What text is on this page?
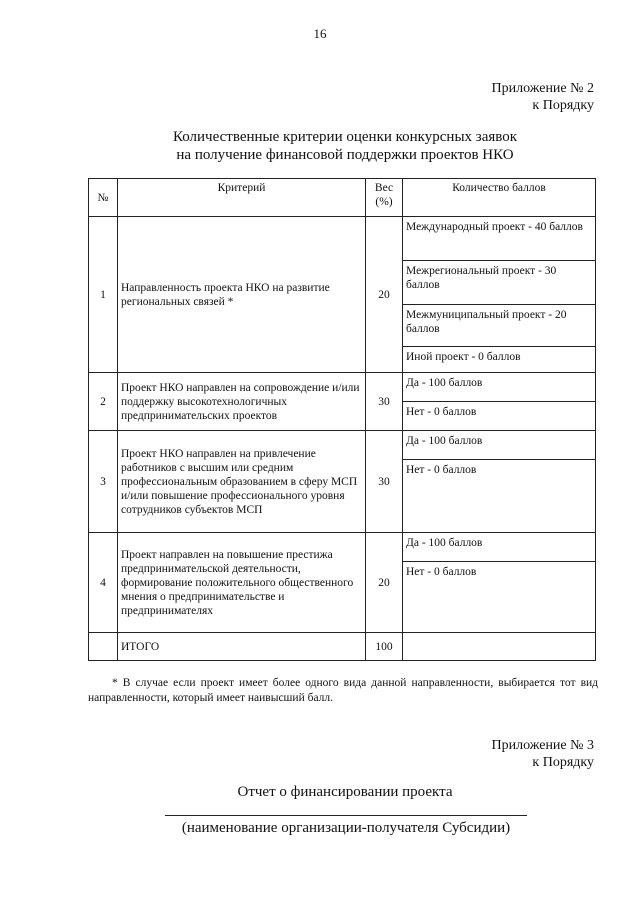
16
Приложение № 2
к Порядку
Количественные критерии оценки конкурсных заявок
на получение финансовой поддержки проектов НКО
№	Критерий	Вес (%)	Количество баллов
1	Направленность проекта НКО на развитие региональных связей *	20	Международный проект - 40 баллов
Межрегиональный проект - 30 баллов
Межмуниципальный проект - 20 баллов
Иной проект - 0 баллов

2	Проект НКО направлен на сопровождение и/или поддержку высокотехнологичных предпринимательских проектов	30	Да - 100 баллов
Нет - 0 баллов

3	Проект НКО направлен на привлечение работников с высшим или средним профессиональным образованием в сферу МСП и/или повышение профессионального уровня сотрудников субъектов МСП	30	Да - 100 баллов
Нет - 0 баллов

4	Проект направлен на повышение престижа предпринимательской деятельности, формирование положительного общественного мнения о предпринимательстве и предпринимателях	20	Да - 100 баллов
Нет - 0 баллов

	ИТОГО	100	
* В случае если проект имеет более одного вида данной направленности, выбирается тот вид направленности, который имеет наивысший балл.
Приложение № 3
к Порядку
Отчет о финансировании проекта
(наименование организации-получателя Субсидии)
